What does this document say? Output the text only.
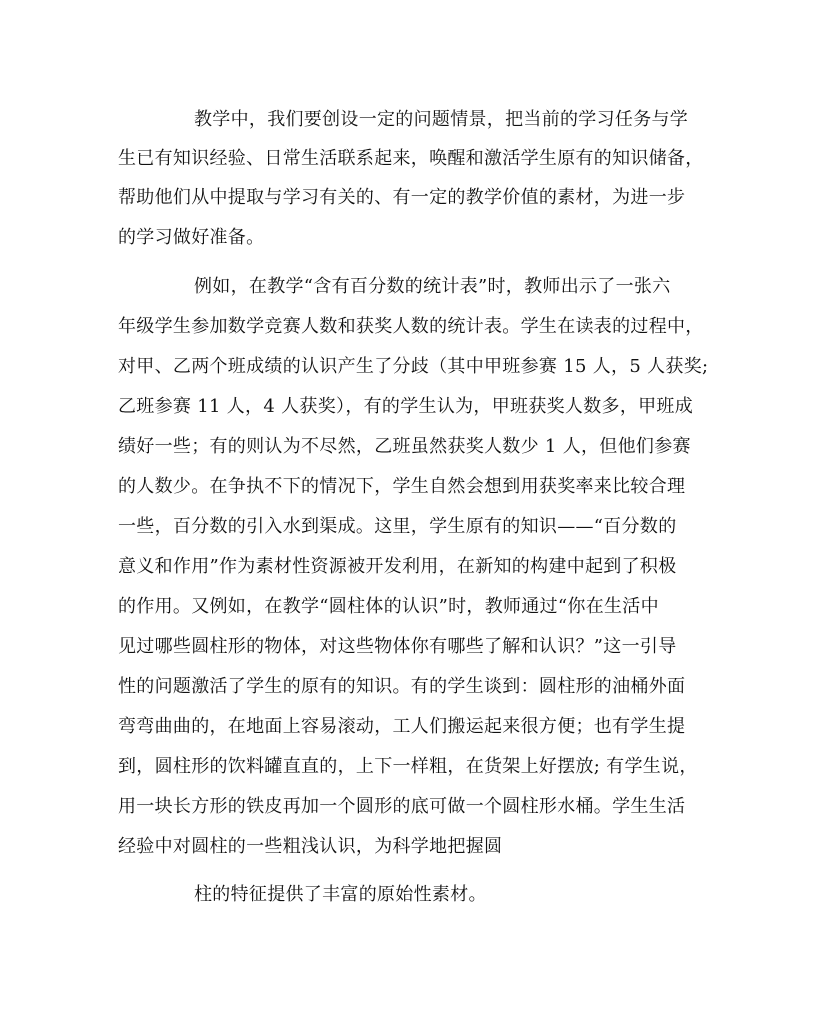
教学中，我们要创设一定的问题情景，把当前的学习任务与学
生已有知识经验、日常生活联系起来，唤醒和激活学生原有的知识储备，
帮助他们从中提取与学习有关的、有一定的教学价值的素材，为进一步
的学习做好准备。
例如，在教学“含有百分数的统计表”时，教师出示了一张六
年级学生参加数学竞赛人数和获奖人数的统计表。学生在读表的过程中，
对甲、乙两个班成绩的认识产生了分歧（其中甲班参赛 15 人，5 人获奖;
乙班参赛 11 人，4 人获奖），有的学生认为，甲班获奖人数多，甲班成
绩好一些；有的则认为不尽然，乙班虽然获奖人数少 1 人，但他们参赛
的人数少。在争执不下的情况下，学生自然会想到用获奖率来比较合理
一些，百分数的引入水到渠成。这里，学生原有的知识——“百分数的
意义和作用”作为素材性资源被开发利用，在新知的构建中起到了积极
的作用。又例如，在教学“圆柱体的认识”时，教师通过“你在生活中
见过哪些圆柱形的物体，对这些物体你有哪些了解和认识？”这一引导
性的问题激活了学生的原有的知识。有的学生谈到：圆柱形的油桶外面
弯弯曲曲的，在地面上容易滚动，工人们搬运起来很方便；也有学生提
到，圆柱形的饮料罐直直的，上下一样粗，在货架上好摆放; 有学生说，
用一块长方形的铁皮再加一个圆形的底可做一个圆柱形水桶。学生生活
经验中对圆柱的一些粗浅认识，为科学地把握圆
柱的特征提供了丰富的原始性素材。
